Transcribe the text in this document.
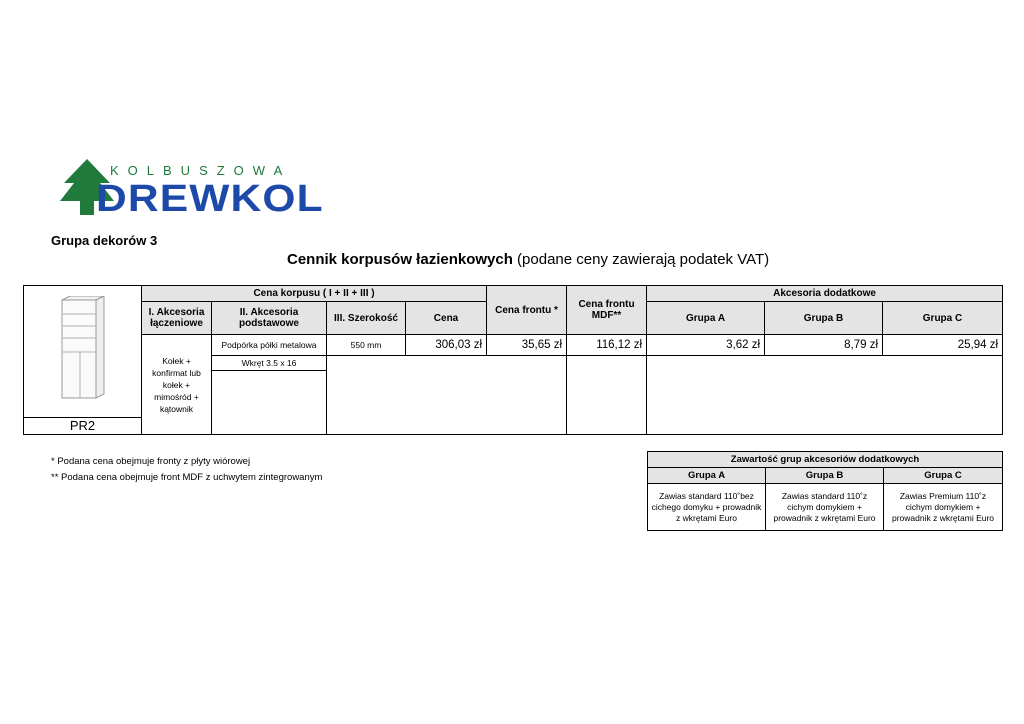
KOLBUSZOWA
DREWKOL
Grupa dekorów 3
Cennik korpusów łazienkowych (podane ceny zawierają podatek VAT)
PR2	Cena korpusu ( I + II + III )				Cena frontu *	Cena frontu MDF**	Akcesoria dodatkowe		
	I. Akcesoria łączeniowe	II. Akcesoria podstawowe	III. Szerokość	Cena			Grupa A	Grupa B	Grupa C
	Kołek + konfirmat lub kołek + mimośród + kątownik	Podpórka półki metalowa	550 mm	306,03 zł	35,65 zł	116,12 zł	3,62 zł	8,79 zł	25,94 zł

		Wkręt 3.5 x 16							

* Podana cena obejmuje fronty z płyty wiórowej
** Podana cena obejmuje front MDF z uchwytem zintegrowanym
Zawartość grup akcesoriów dodatkowych		
Grupa A	Grupa B	Grupa C
Zawias standard 110˚bez cichego domyku + prowadnik z wkrętami Euro	Zawias standard 110˚z cichym domykiem + prowadnik z wkrętami Euro	Zawias Premium 110˚z cichym domykiem + prowadnik z wkrętami Euro
